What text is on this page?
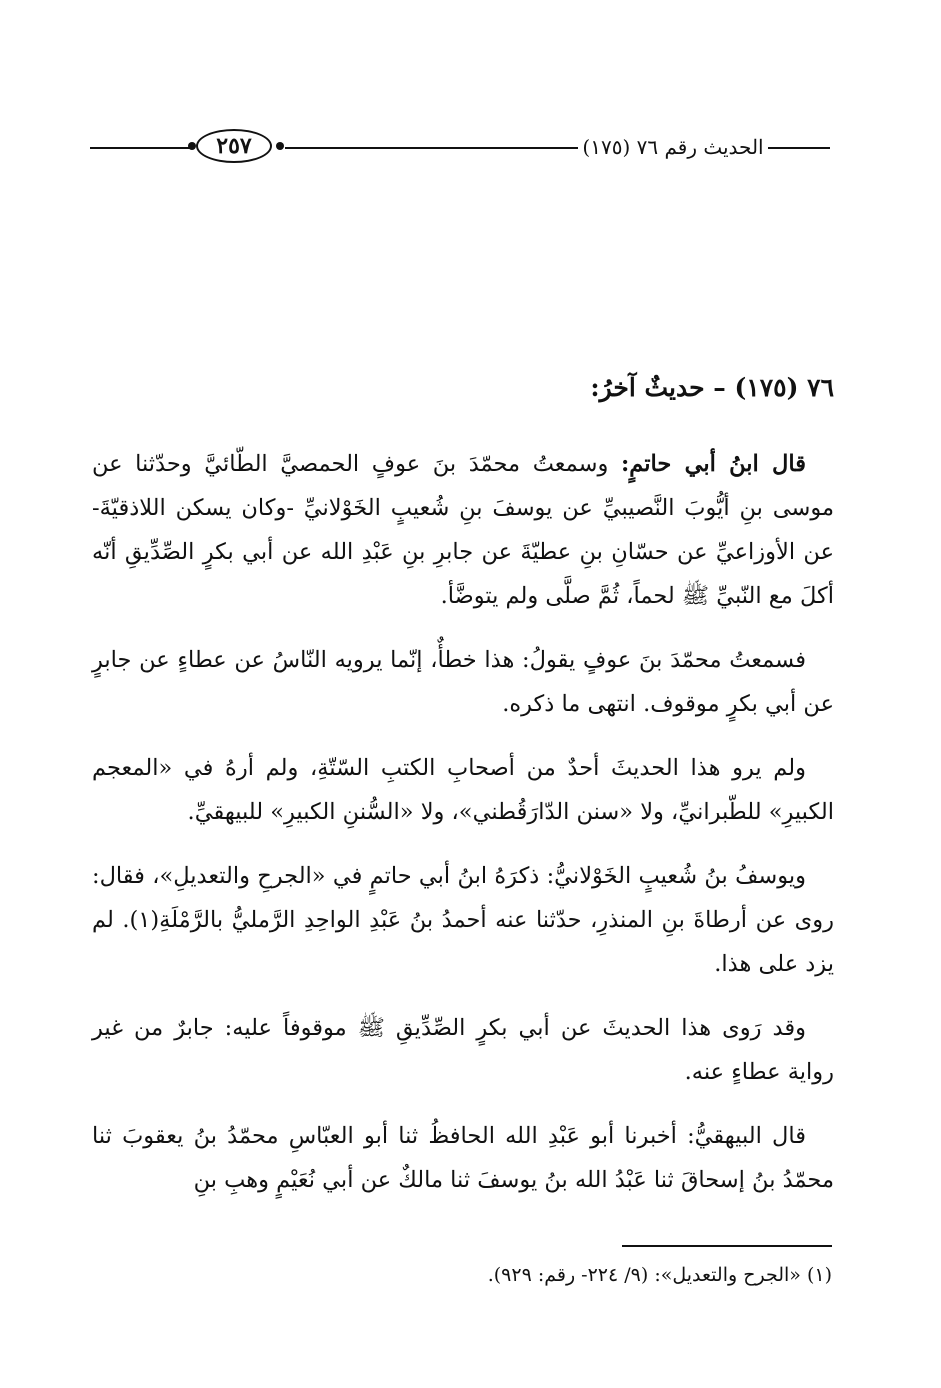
٢٥٧	الحديث رقم ٧٦ (١٧٥)
٧٦ (١٧٥) – حديثٌ آخرُ:

قال ابنُ أبي حاتمٍ: وسمعتُ محمّدَ بنَ عوفٍ الحمصيَّ الطّائيَّ وحدّثنا عن موسى بنِ أيُّوبَ النَّصيبيِّ عن يوسفَ بنِ شُعيبٍ الخَوْلانيِّ -وكان يسكن اللاذقيّةَ- عن الأوزاعيِّ عن حسّانِ بنِ عطيّةَ عن جابرِ بنِ عَبْدِ الله عن أبي بكرٍ الصِّدِّيقِ أنّه أكلَ مع النّبيِّ ﷺ لحماً، ثُمَّ صلَّى ولم يتوضَّأ.

فسمعتُ محمّدَ بنَ عوفٍ يقولُ: هذا خطأٌ، إنّما يرويه النّاسُ عن عطاءٍ عن جابرٍ عن أبي بكرٍ موقوف. انتهى ما ذكره.

ولم يرو هذا الحديثَ أحدٌ من أصحابِ الكتبِ السّتّةِ، ولم أرهُ في «المعجم الكبيرِ» للطّبرانيِّ، ولا «سنن الدّارَقُطني»، ولا «السُّننِ الكبيرِ» للبيهقيِّ.

ويوسفُ بنُ شُعيبٍ الخَوْلانيُّ: ذكرَهُ ابنُ أبي حاتمٍ في «الجرحِ والتعديلِ»، فقال: روى عن أرطاةَ بنِ المنذرِ، حدّثنا عنه أحمدُ بنُ عَبْدِ الواحِدِ الرَّمليُّ بالرَّمْلَةِ(١). لم يزد على هذا.

وقد رَوى هذا الحديثَ عن أبي بكرٍ الصِّدِّيقِ ﷺ موقوفاً عليه: جابرٌ من غير رواية عطاءٍ عنه.

قال البيهقيُّ: أخبرنا أبو عَبْدِ الله الحافظُ ثنا أبو العبّاسِ محمّدُ بنُ يعقوبَ ثنا محمّدُ بنُ إسحاقَ ثنا عَبْدُ الله بنُ يوسفَ ثنا مالكٌ عن أبي نُعَيْمٍ وهبِ بنِ

(١) «الجرح والتعديل»: (٩/ ٢٢٤- رقم: ٩٢٩).
